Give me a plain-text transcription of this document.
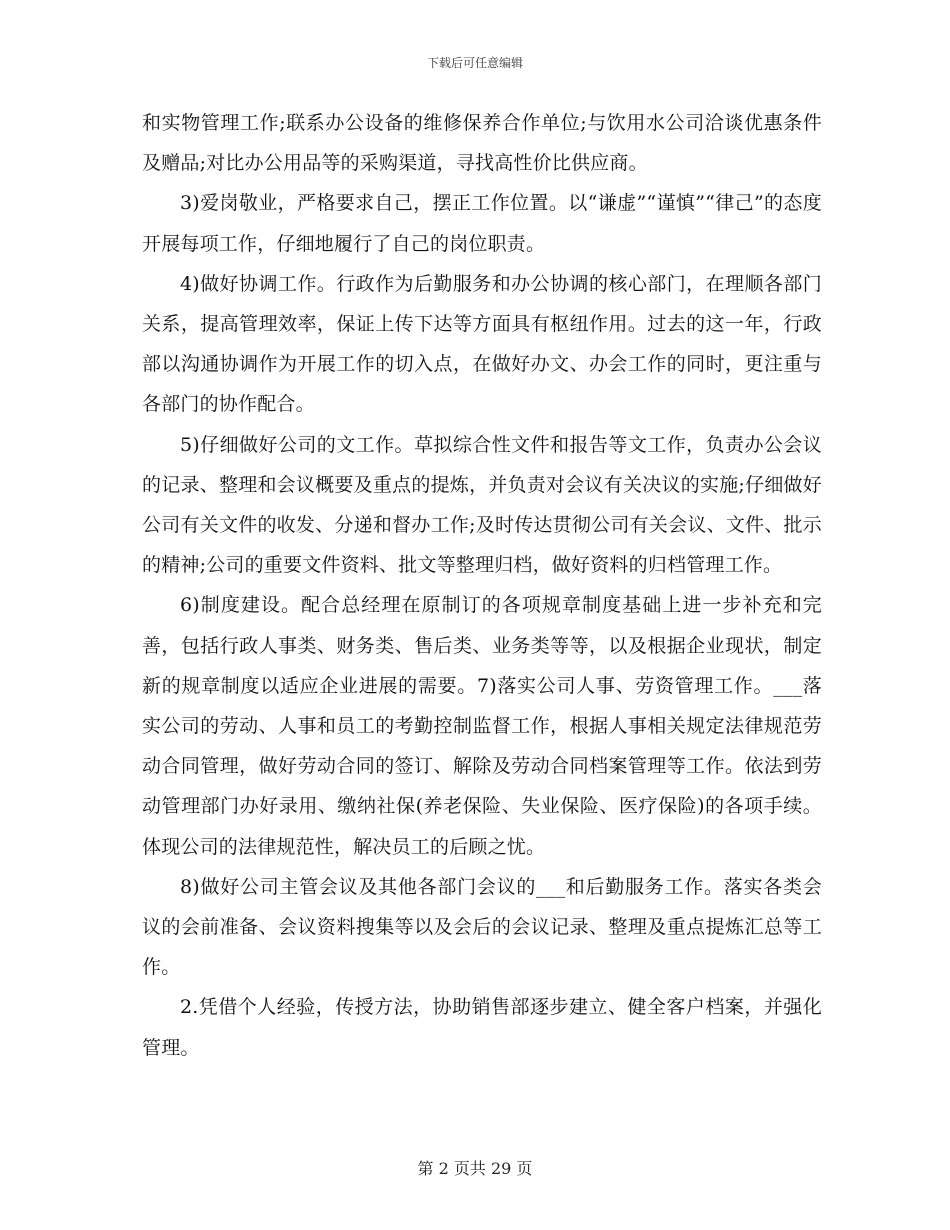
下载后可任意编辑

和实物管理工作;联系办公设备的维修保养合作单位;与饮用水公司洽谈优惠条件及赠品;对比办公用品等的采购渠道，寻找高性价比供应商。

3)爱岗敬业，严格要求自己，摆正工作位置。以“谦虚”“谨慎”“律己”的态度开展每项工作，仔细地履行了自己的岗位职责。

4)做好协调工作。行政作为后勤服务和办公协调的核心部门，在理顺各部门关系，提高管理效率，保证上传下达等方面具有枢纽作用。过去的这一年，行政部以沟通协调作为开展工作的切入点，在做好办文、办会工作的同时，更注重与各部门的协作配合。

5)仔细做好公司的文工作。草拟综合性文件和报告等文工作，负责办公会议的记录、整理和会议概要及重点的提炼，并负责对会议有关决议的实施;仔细做好公司有关文件的收发、分递和督办工作;及时传达贯彻公司有关会议、文件、批示的精神;公司的重要文件资料、批文等整理归档，做好资料的归档管理工作。

6)制度建设。配合总经理在原制订的各项规章制度基础上进一步补充和完善，包括行政人事类、财务类、售后类、业务类等等，以及根据企业现状，制定新的规章制度以适应企业进展的需要。7)落实公司人事、劳资管理工作。___落实公司的劳动、人事和员工的考勤控制监督工作，根据人事相关规定法律规范劳动合同管理，做好劳动合同的签订、解除及劳动合同档案管理等工作。依法到劳动管理部门办好录用、缴纳社保(养老保险、失业保险、医疗保险)的各项手续。体现公司的法律规范性，解决员工的后顾之忧。

8)做好公司主管会议及其他各部门会议的___和后勤服务工作。落实各类会议的会前准备、会议资料搜集等以及会后的会议记录、整理及重点提炼汇总等工作。

2.凭借个人经验，传授方法，协助销售部逐步建立、健全客户档案，并强化管理。

第 2 页共 29 页
